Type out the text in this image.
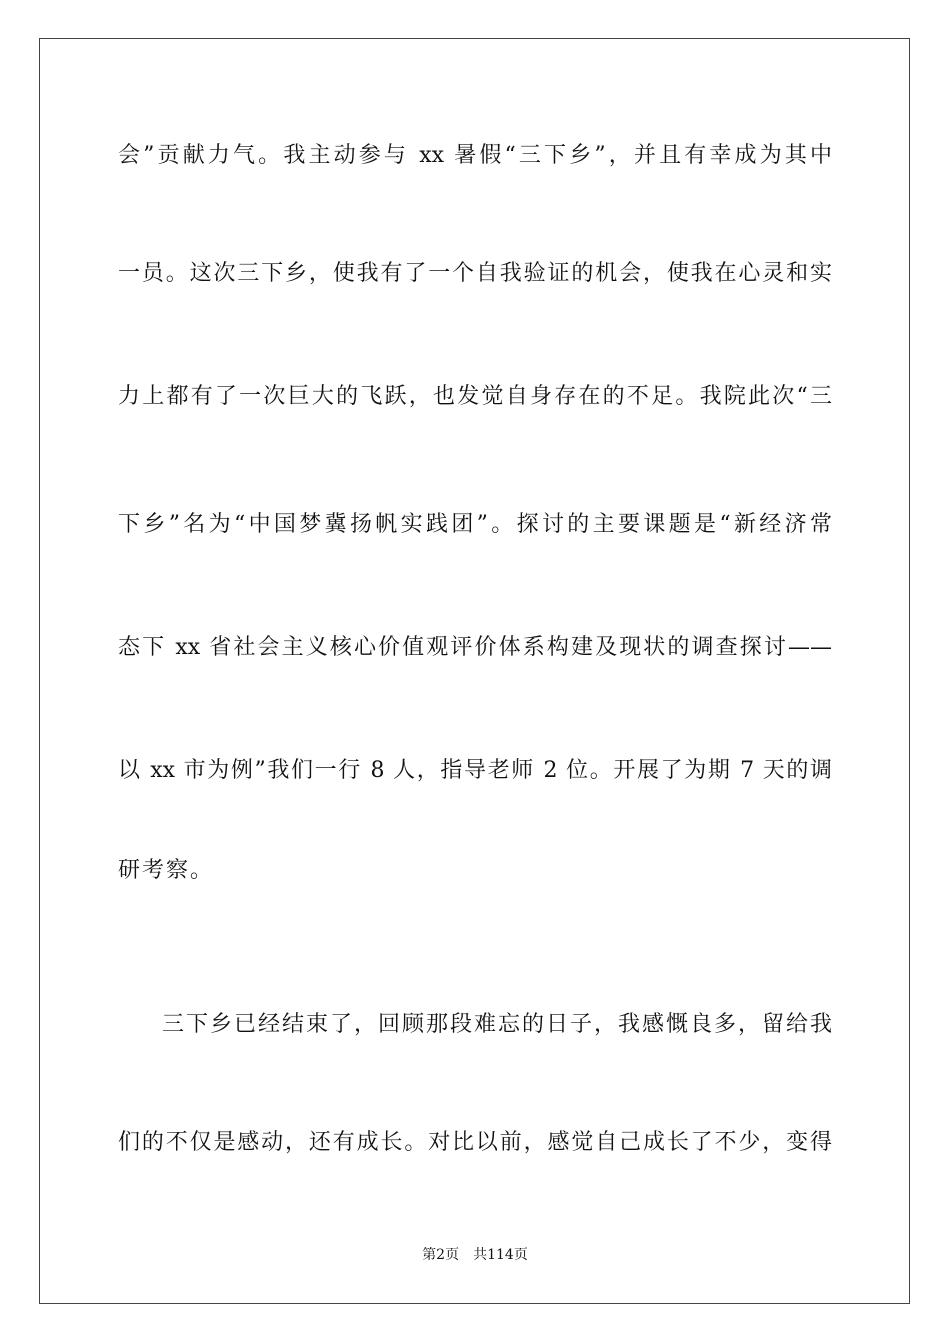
会”贡献力气。我主动参与 xx 暑假“三下乡”，并且有幸成为其中
一员。这次三下乡，使我有了一个自我验证的机会，使我在心灵和实
力上都有了一次巨大的飞跃，也发觉自身存在的不足。我院此次“三
下乡”名为“中国梦冀扬帆实践团”。探讨的主要课题是“新经济常
态下 xx 省社会主义核心价值观评价体系构建及现状的调查探讨——
以 xx 市为例”我们一行 8 人，指导老师 2 位。开展了为期 7 天的调
研考察。
三下乡已经结束了，回顾那段难忘的日子，我感慨良多，留给我
们的不仅是感动，还有成长。对比以前，感觉自己成长了不少，变得
第2页 共114页
